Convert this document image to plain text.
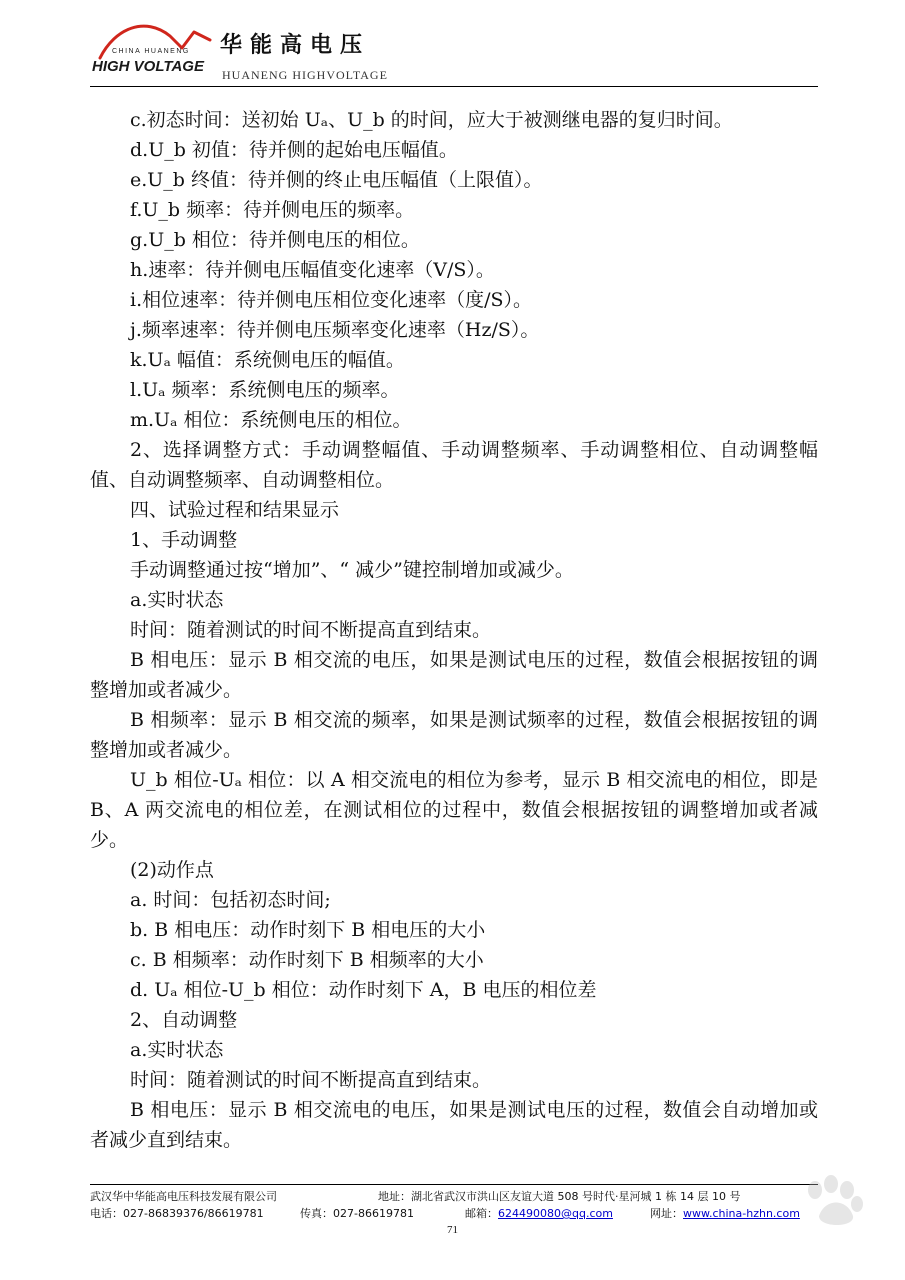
CHINA HUANENG
HIGH VOLTAGE
华能高电压
HUANENG HIGHVOLTAGE
c.初态时间：送初始 Uₐ、U_b 的时间，应大于被测继电器的复归时间。
d.U_b 初值：待并侧的起始电压幅值。
e.U_b 终值：待并侧的终止电压幅值（上限值）。
f.U_b 频率：待并侧电压的频率。
g.U_b 相位：待并侧电压的相位。
h.速率：待并侧电压幅值变化速率（V/S）。
i.相位速率：待并侧电压相位变化速率（度/S）。
j.频率速率：待并侧电压频率变化速率（Hz/S）。
k.Uₐ 幅值：系统侧电压的幅值。
l.Uₐ 频率：系统侧电压的频率。
m.Uₐ 相位：系统侧电压的相位。
2、选择调整方式：手动调整幅值、手动调整频率、手动调整相位、自动调整幅值、自动调整频率、自动调整相位。
四、试验过程和结果显示
1、手动调整
手动调整通过按“增加”、“ 减少”键控制增加或减少。
a.实时状态
时间：随着测试的时间不断提高直到结束。
B 相电压：显示 B 相交流的电压，如果是测试电压的过程，数值会根据按钮的调整增加或者减少。
B 相频率：显示 B 相交流的频率，如果是测试频率的过程，数值会根据按钮的调整增加或者减少。
U_b 相位-Uₐ 相位：以 A 相交流电的相位为参考，显示 B 相交流电的相位，即是 B、A 两交流电的相位差，在测试相位的过程中，数值会根据按钮的调整增加或者减少。
(2)动作点
a. 时间：包括初态时间;
b. B 相电压：动作时刻下 B 相电压的大小
c. B 相频率：动作时刻下 B 相频率的大小
d. Uₐ 相位-U_b 相位：动作时刻下 A，B 电压的相位差
2、自动调整
a.实时状态
时间：随着测试的时间不断提高直到结束。
B 相电压：显示 B 相交流电的电压，如果是测试电压的过程，数值会自动增加或者减少直到结束。
武汉华中华能高电压科技发展有限公司	地址：湖北省武汉市洪山区友谊大道 508 号时代·星河城 1 栋 14 层 10 号
电话：027-86839376/86619781	传真：027-86619781	邮箱：624490080@qq.com	网址：www.china-hzhn.com
71
